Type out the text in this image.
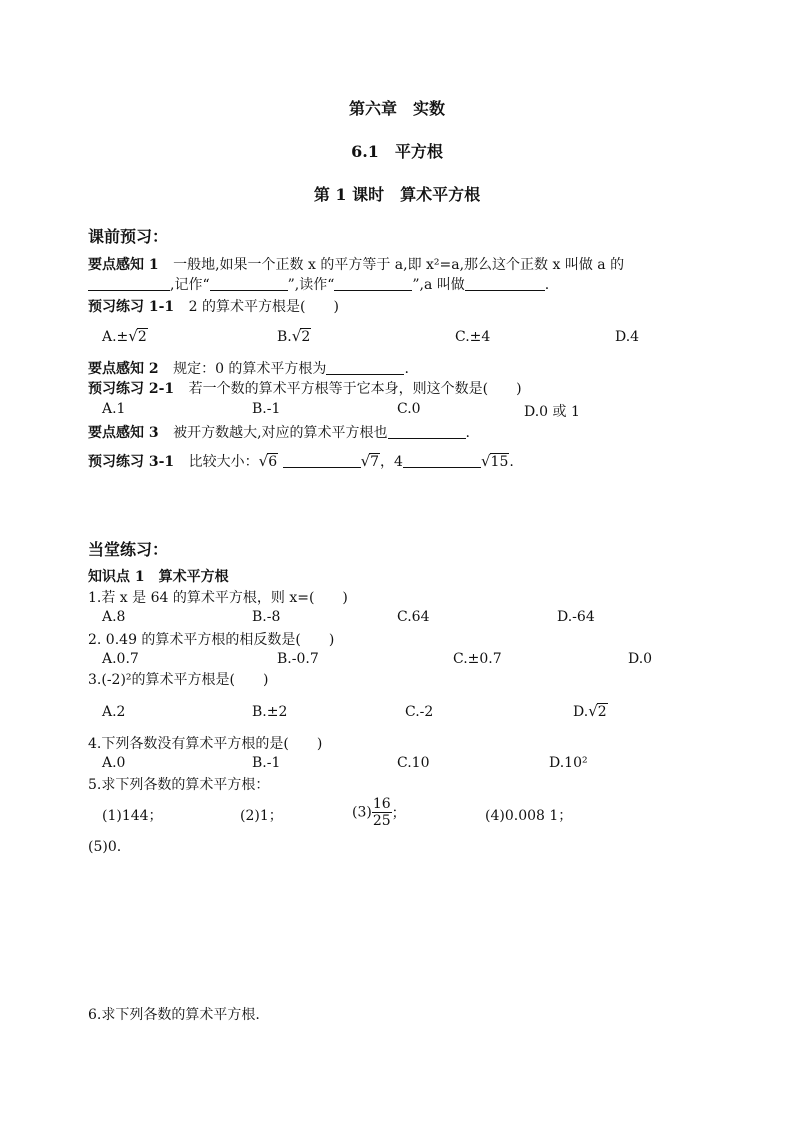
第六章　实数
6.1　平方根
第 1 课时　算术平方根
课前预习：
要点感知 1 一般地,如果一个正数 x 的平方等于 a,即 x²=a,那么这个正数 x 叫做 a 的
,记作“	”,读作“	”,a 叫做	.
预习练习 1-1 2 的算术平方根是(　　)
A.±√2	B.√2	C.±4	D.4
要点感知 2 规定：0 的算术平方根为	.
预习练习 2-1 若一个数的算术平方根等于它本身，则这个数是(　　)
A.1	B.-1	C.0	D.0 或 1
要点感知 3 被开方数越大,对应的算术平方根也	.
预习练习 3-1 比较大小：√6	√7，4	√15.
当堂练习：
知识点 1　算术平方根
1.若 x 是 64 的算术平方根，则 x=(　　)
A.8	B.-8	C.64	D.-64
2. 0.49 的算术平方根的相反数是(　　)
A.0.7	B.-0.7	C.±0.7	D.0
3.(-2)²的算术平方根是(　　)
A.2	B.±2	C.-2	D.√2
4.下列各数没有算术平方根的是(　　)
A.0	B.-1	C.10	D.10²
5.求下列各数的算术平方根：
(1)144；	(2)1；	$(3) \frac{16}{25}$ ；	(4)0.008 1；
(5)0.
6.求下列各数的算术平方根.
